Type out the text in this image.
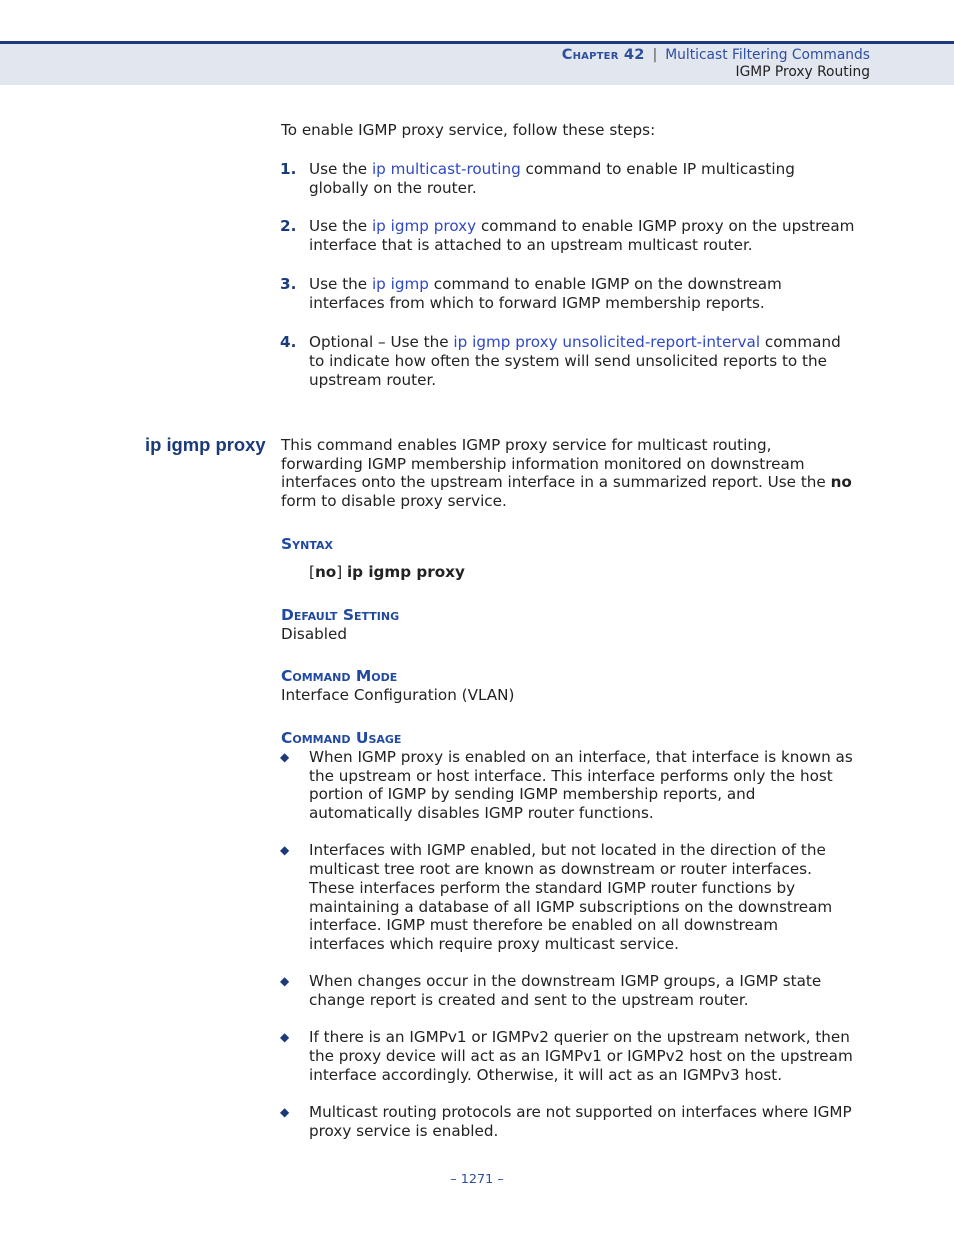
Chapter 42 | Multicast Filtering Commands
IGMP Proxy Routing
To enable IGMP proxy service, follow these steps:
1. Use the ip multicast-routing command to enable IP multicasting
globally on the router.
2. Use the ip igmp proxy command to enable IGMP proxy on the upstream
interface that is attached to an upstream multicast router.
3. Use the ip igmp command to enable IGMP on the downstream
interfaces from which to forward IGMP membership reports.
4. Optional – Use the ip igmp proxy unsolicited-report-interval command
to indicate how often the system will send unsolicited reports to the
upstream router.
ip igmp proxy This command enables IGMP proxy service for multicast routing,
forwarding IGMP membership information monitored on downstream
interfaces onto the upstream interface in a summarized report. Use the no
form to disable proxy service.
Syntax
[no] ip igmp proxy
Default Setting
Disabled
Command Mode
Interface Configuration (VLAN)
Command Usage
◆ When IGMP proxy is enabled on an interface, that interface is known as
the upstream or host interface. This interface performs only the host
portion of IGMP by sending IGMP membership reports, and
automatically disables IGMP router functions.
◆ Interfaces with IGMP enabled, but not located in the direction of the
multicast tree root are known as downstream or router interfaces.
These interfaces perform the standard IGMP router functions by
maintaining a database of all IGMP subscriptions on the downstream
interface. IGMP must therefore be enabled on all downstream
interfaces which require proxy multicast service.
◆ When changes occur in the downstream IGMP groups, a IGMP state
change report is created and sent to the upstream router.
◆ If there is an IGMPv1 or IGMPv2 querier on the upstream network, then
the proxy device will act as an IGMPv1 or IGMPv2 host on the upstream
interface accordingly. Otherwise, it will act as an IGMPv3 host.
◆ Multicast routing protocols are not supported on interfaces where IGMP
proxy service is enabled.
– 1271 –
